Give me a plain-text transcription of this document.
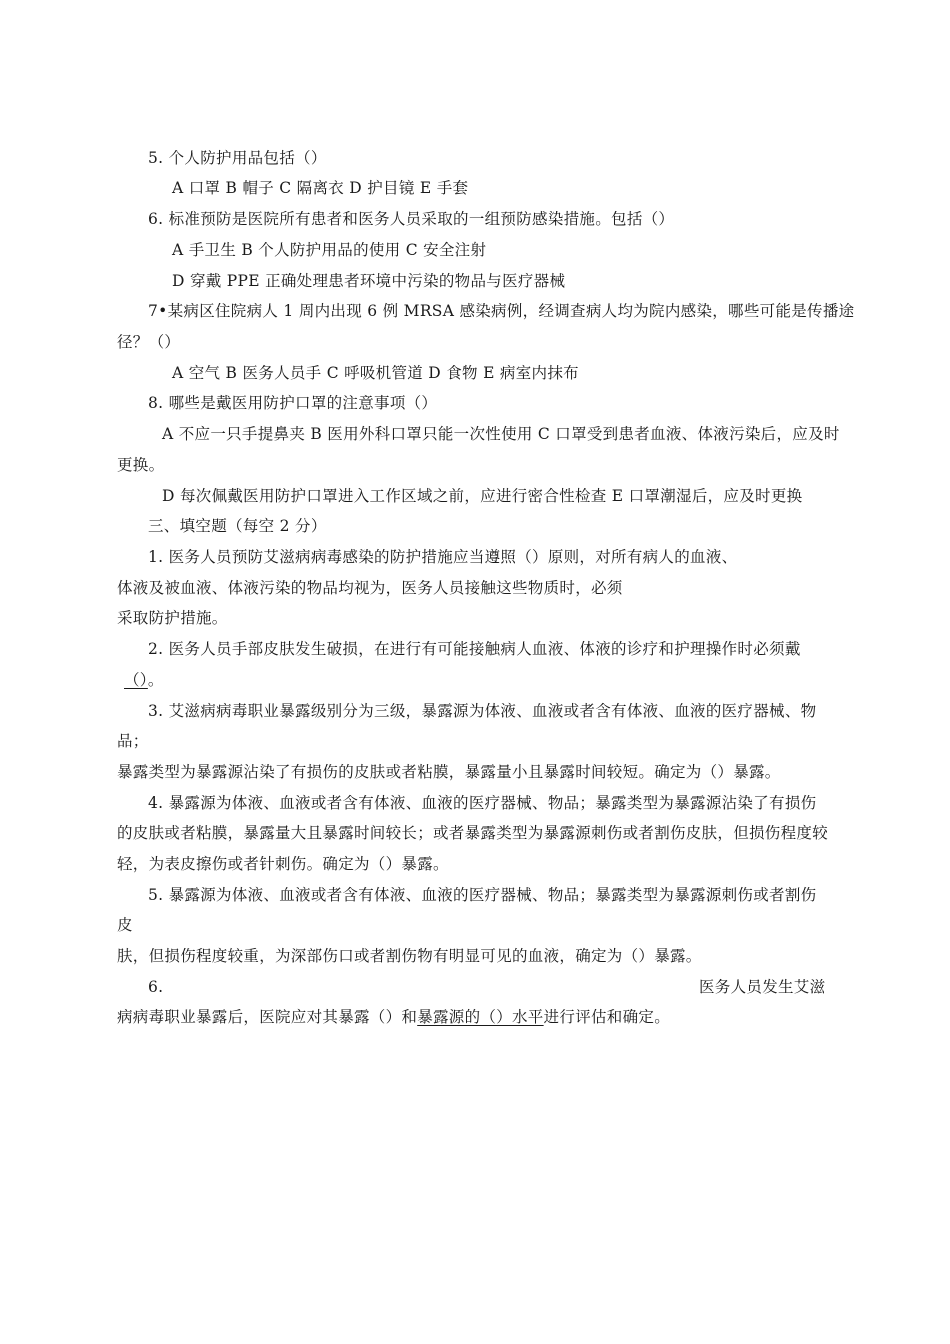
5. 个人防护用品包括（）
A 口罩 B 帽子 C 隔离衣 D 护目镜 E 手套
6. 标准预防是医院所有患者和医务人员采取的一组预防感染措施。包括（）
A 手卫生 B 个人防护用品的使用 C 安全注射
D 穿戴 PPE 正确处理患者环境中污染的物品与医疗器械
7•某病区住院病人 1 周内出现 6 例 MRSA 感染病例，经调查病人均为院内感染，哪些可能是传播途
径？（）
A 空气 B 医务人员手 C 呼吸机管道 D 食物 E 病室内抹布
8. 哪些是戴医用防护口罩的注意事项（）
A 不应一只手提鼻夹 B 医用外科口罩只能一次性使用 C 口罩受到患者血液、体液污染后，应及时
更换。
D 每次佩戴医用防护口罩进入工作区域之前，应进行密合性检查 E 口罩潮湿后，应及时更换
三、填空题（每空 2 分）
1. 医务人员预防艾滋病病毒感染的防护措施应当遵照（）原则，对所有病人的血液、
体液及被血液、体液污染的物品均视为，医务人员接触这些物质时，必须
采取防护措施。
2. 医务人员手部皮肤发生破损，在进行有可能接触病人血液、体液的诊疗和护理操作时必须戴
（）。
3. 艾滋病病毒职业暴露级别分为三级，暴露源为体液、血液或者含有体液、血液的医疗器械、物
品；
暴露类型为暴露源沾染了有损伤的皮肤或者粘膜，暴露量小且暴露时间较短。确定为（）暴露。
4. 暴露源为体液、血液或者含有体液、血液的医疗器械、物品；暴露类型为暴露源沾染了有损伤
的皮肤或者粘膜，暴露量大且暴露时间较长；或者暴露类型为暴露源刺伤或者割伤皮肤，但损伤程度较
轻，为表皮擦伤或者针刺伤。确定为（）暴露。
5. 暴露源为体液、血液或者含有体液、血液的医疗器械、物品；暴露类型为暴露源刺伤或者割伤
皮
肤，但损伤程度较重，为深部伤口或者割伤物有明显可见的血液，确定为（）暴露。
6.	医务人员发生艾滋
病病毒职业暴露后，医院应对其暴露（）和暴露源的（）水平进行评估和确定。
